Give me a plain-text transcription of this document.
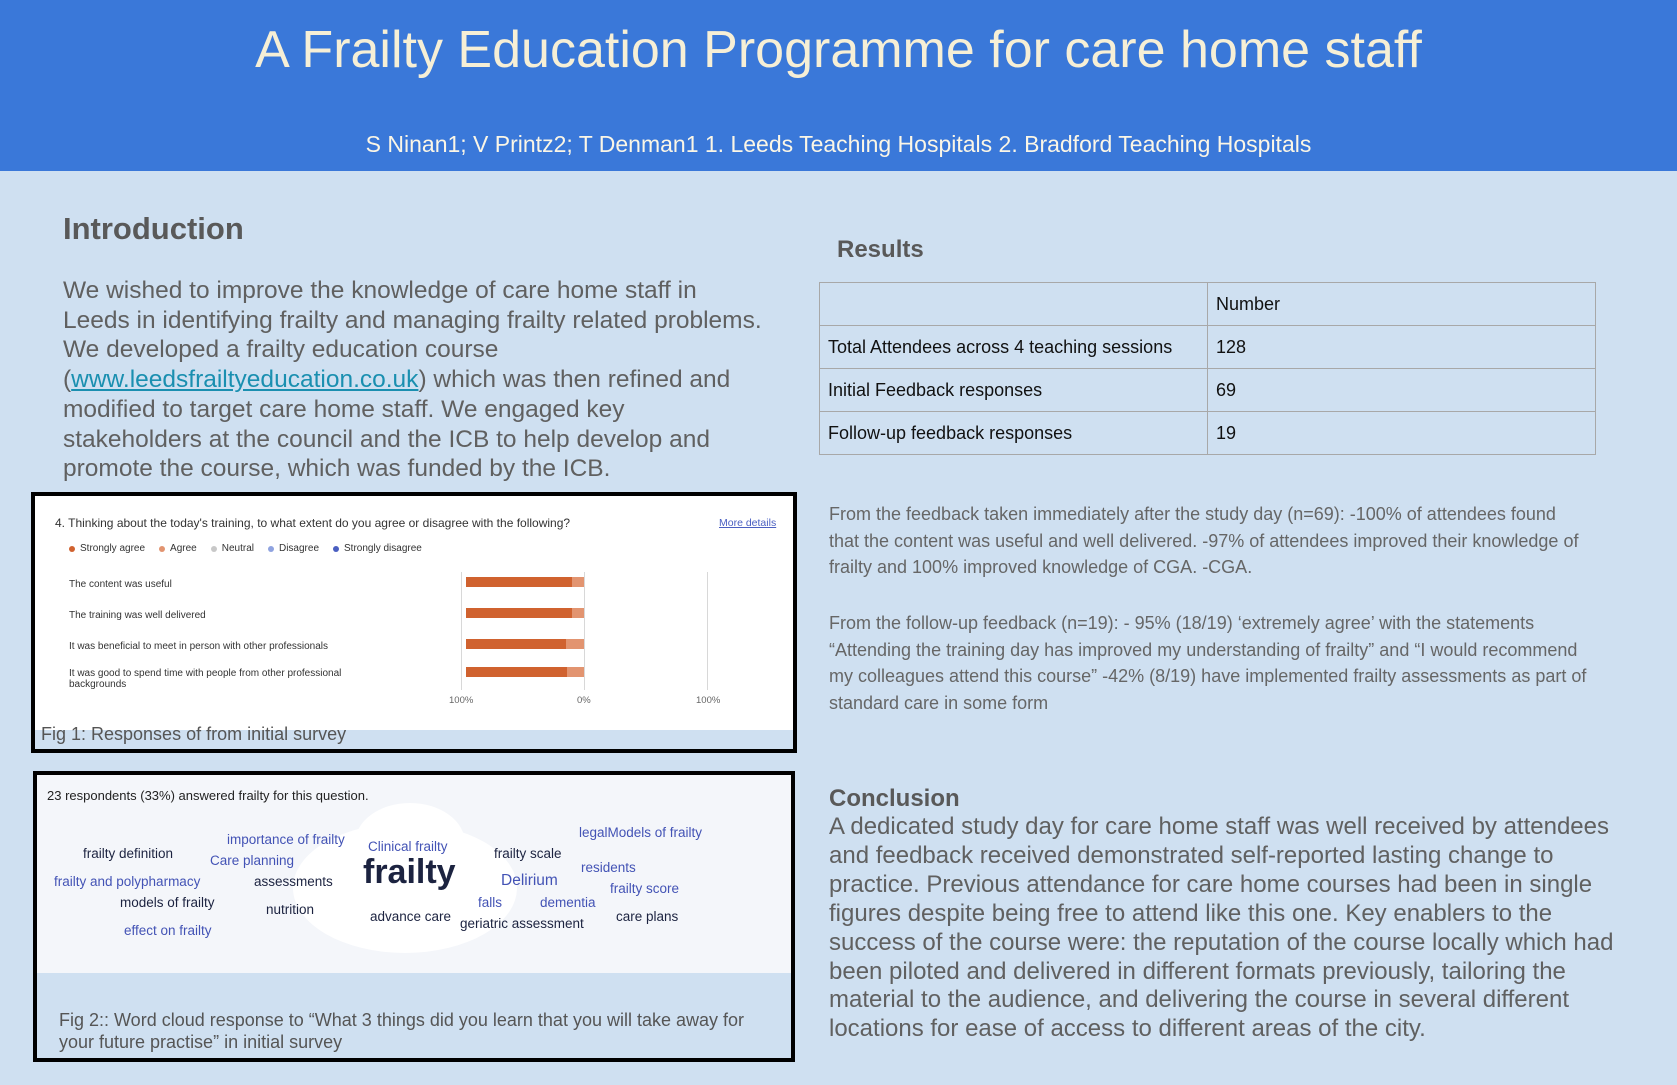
A Frailty Education Programme for care home staff
S Ninan1; V Printz2; T Denman1 1. Leeds Teaching Hospitals 2. Bradford Teaching Hospitals
Introduction
We wished to improve the knowledge of care home staff in Leeds in identifying frailty and managing frailty related problems. We developed a frailty education course (www.leedsfrailtyeducation.co.uk) which was then refined and modified to target care home staff. We engaged key stakeholders at the council and the ICB to help develop and promote the course, which was funded by the ICB.
4. Thinking about the today's training, to what extent do you agree or disagree with the following?	More details
Strongly agree	Agree	Neutral	Disagree	Strongly disagree
The content was useful
The training was well delivered
It was beneficial to meet in person with other professionals
It was good to spend time with people from other professional backgrounds
100%	0%	100%
Fig 1: Responses of from initial survey
23 respondents (33%) answered frailty for this question.
frailty
importance of frailty Clinical frailty
frailty definition	Care planning
frailty and polypharmacy	assessments
models of frailty	nutrition
effect on frailty
advance care
falls
geriatric assessment
frailty scale
Delirium
dementia
legalModels of frailty
residents
frailty score
care plans
Fig 2:: Word cloud response to “What 3 things did you learn that you will take away for your future practise” in initial survey
Results
	Number
Total Attendees across 4 teaching sessions	128
Initial Feedback responses	69
Follow-up feedback responses	19
From the feedback taken immediately after the study day (n=69): -100% of attendees found that the content was useful and well delivered. -97% of attendees improved their knowledge of frailty and 100% improved knowledge of CGA. -CGA.
From the follow-up feedback (n=19): - 95% (18/19) ‘extremely agree’ with the statements “Attending the training day has improved my understanding of frailty” and “I would recommend my colleagues attend this course” -42% (8/19) have implemented frailty assessments as part of standard care in some form
Conclusion
A dedicated study day for care home staff was well received by attendees and feedback received demonstrated self-reported lasting change to practice. Previous attendance for care home courses had been in single figures despite being free to attend like this one. Key enablers to the success of the course were: the reputation of the course locally which had been piloted and delivered in different formats previously, tailoring the material to the audience, and delivering the course in several different locations for ease of access to different areas of the city.
